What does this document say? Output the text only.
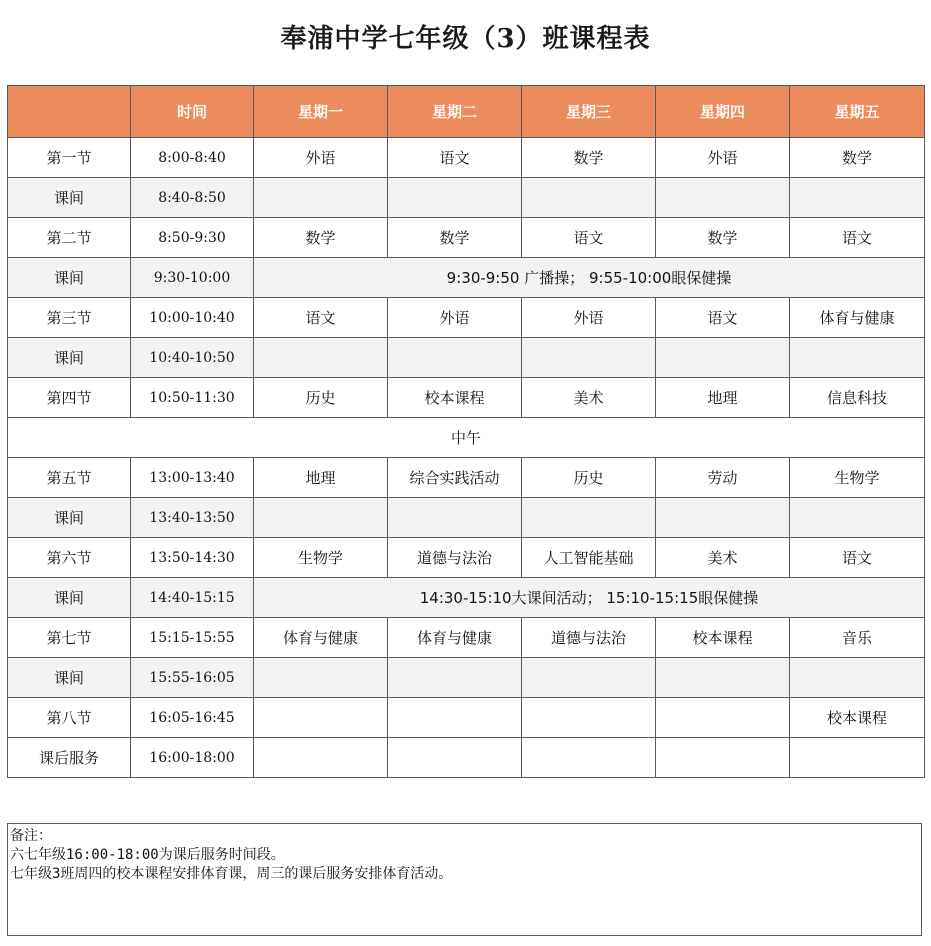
奉浦中学七年级（3）班课程表
	时间	星期一	星期二	星期三	星期四	星期五
第一节	8:00-8:40	外语	语文	数学	外语	数学
课间	8:40-8:50					
第二节	8:50-9:30	数学	数学	语文	数学	语文
课间	9:30-10:00	9:30-9:50 广播操； 9:55-10:00眼保健操				
第三节	10:00-10:40	语文	外语	外语	语文	体育与健康
课间	10:40-10:50					
第四节	10:50-11:30	历史	校本课程	美术	地理	信息科技
中午						
第五节	13:00-13:40	地理	综合实践活动	历史	劳动	生物学
课间	13:40-13:50					
第六节	13:50-14:30	生物学	道德与法治	人工智能基础	美术	语文
课间	14:40-15:15	14:30-15:10大课间活动； 15:10-15:15眼保健操				
第七节	15:15-15:55	体育与健康	体育与健康	道德与法治	校本课程	音乐
课间	15:55-16:05					
第八节	16:05-16:45					校本课程
课后服务	16:00-18:00					
备注：
六七年级16:00-18:00为课后服务时间段。
七年级3班周四的校本课程安排体育课，周三的课后服务安排体育活动。
